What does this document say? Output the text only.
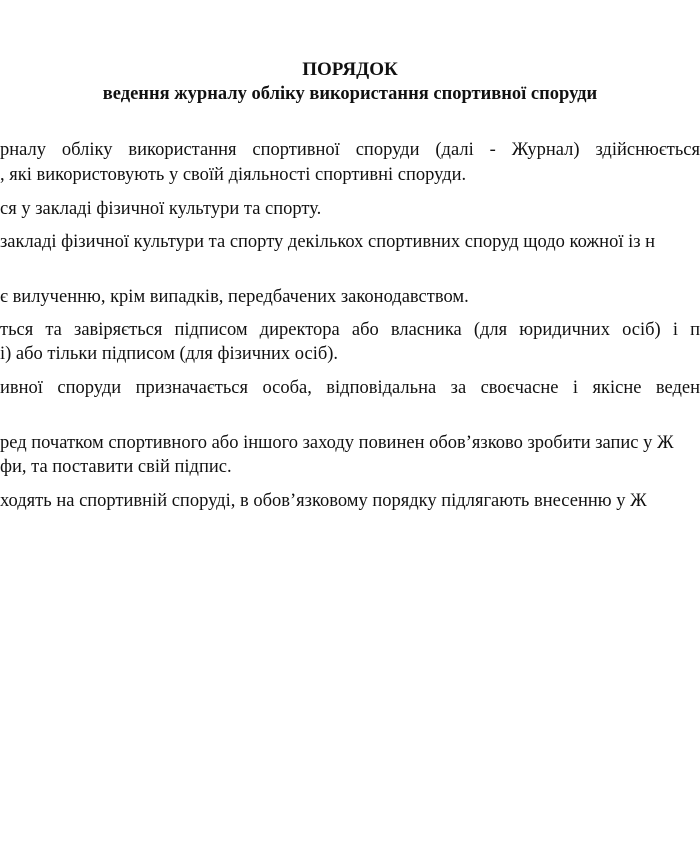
ПОРЯДОК
ведення журналу обліку використання спортивної споруди

рналу обліку використання спортивної споруди (далі - Журнал) здійснюється

, які використовують у своїй діяльності спортивні споруди.

ся у закладі фізичної культури та спорту.

закладі фізичної культури та спорту декількох спортивних споруд щодо кожної із н

є вилученню, крім випадків, передбачених законодавством.

ться та завіряється підписом директора або власника (для юридичних осіб) і п

і) або тільки підписом (для фізичних осіб).

ивної споруди призначається особа, відповідальна за своєчасне і якісне веден

ред початком спортивного або іншого заходу повинен обов’язково зробити запис у Ж

фи, та поставити свій підпис.

ходять на спортивній споруді, в обов’язковому порядку підлягають внесенню у Ж
